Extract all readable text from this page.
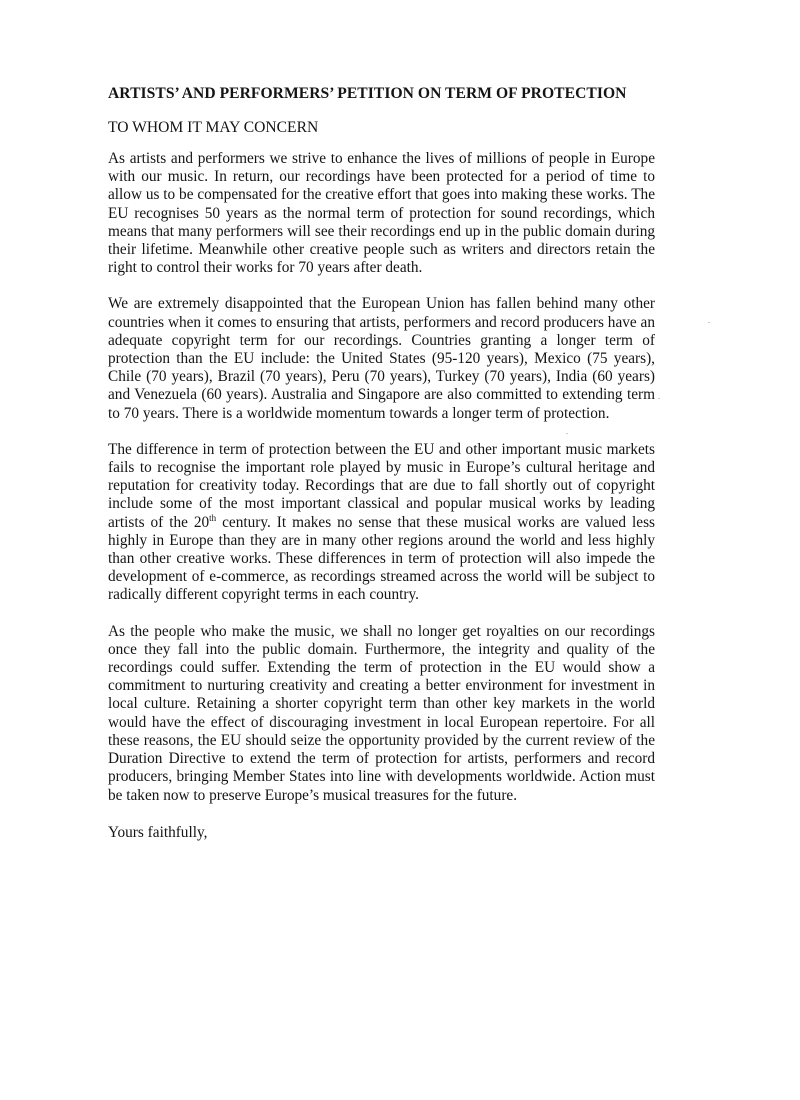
ARTISTS’ AND PERFORMERS’ PETITION ON TERM OF PROTECTION

TO WHOM IT MAY CONCERN

As artists and performers we strive to enhance the lives of millions of people in Europe with our music. In return, our recordings have been protected for a period of time to allow us to be compensated for the creative effort that goes into making these works. The EU recognises 50 years as the normal term of protection for sound recordings, which means that many performers will see their recordings end up in the public domain during their lifetime. Meanwhile other creative people such as writers and directors retain the right to control their works for 70 years after death.

We are extremely disappointed that the European Union has fallen behind many other countries when it comes to ensuring that artists, performers and record producers have an adequate copyright term for our recordings. Countries granting a longer term of protection than the EU include: the United States (95-120 years), Mexico (75 years), Chile (70 years), Brazil (70 years), Peru (70 years), Turkey (70 years), India (60 years) and Venezuela (60 years). Australia and Singapore are also committed to extending term to 70 years. There is a worldwide momentum towards a longer term of protection.

The difference in term of protection between the EU and other important music markets fails to recognise the important role played by music in Europe’s cultural heritage and reputation for creativity today. Recordings that are due to fall shortly out of copyright include some of the most important classical and popular musical works by leading artists of the 20th century. It makes no sense that these musical works are valued less highly in Europe than they are in many other regions around the world and less highly than other creative works. These differences in term of protection will also impede the development of e-commerce, as recordings streamed across the world will be subject to radically different copyright terms in each country.

As the people who make the music, we shall no longer get royalties on our recordings once they fall into the public domain. Furthermore, the integrity and quality of the recordings could suffer. Extending the term of protection in the EU would show a commitment to nurturing creativity and creating a better environment for investment in local culture. Retaining a shorter copyright term than other key markets in the world would have the effect of discouraging investment in local European repertoire. For all these reasons, the EU should seize the opportunity provided by the current review of the Duration Directive to extend the term of protection for artists, performers and record producers, bringing Member States into line with developments worldwide. Action must be taken now to preserve Europe’s musical treasures for the future.

Yours faithfully,
